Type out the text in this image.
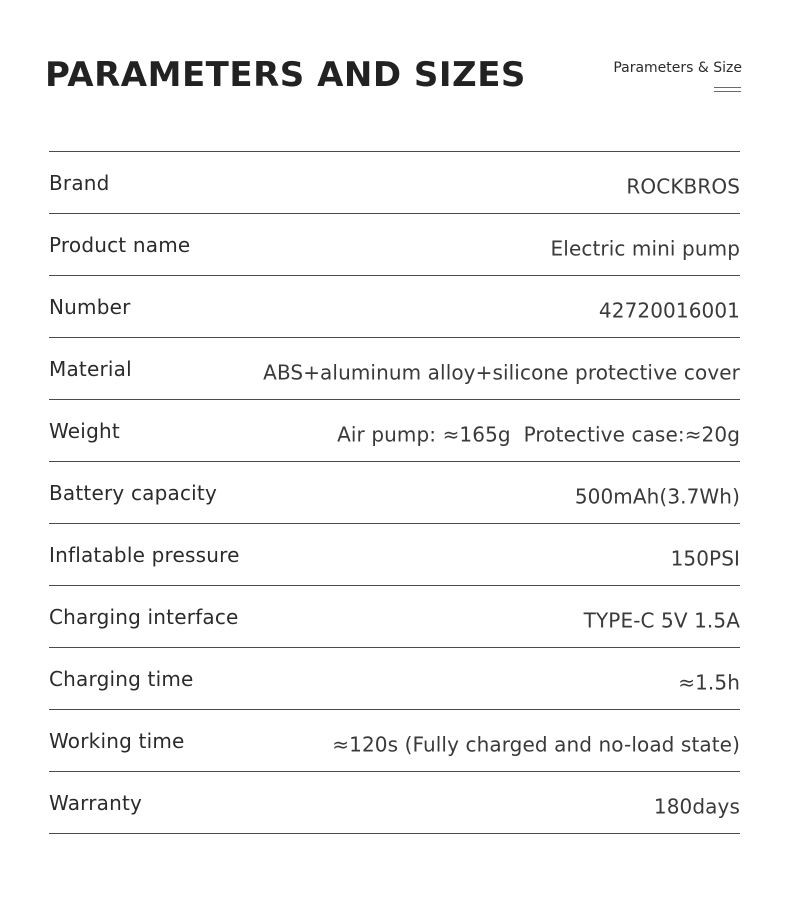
PARAMETERS AND SIZES	Parameters & Size
Brand	ROCKBROS
Product name	Electric mini pump
Number	42720016001
Material	ABS+aluminum alloy+silicone protective cover
Weight	Air pump: ≈165g  Protective case:≈20g
Battery capacity	500mAh(3.7Wh)
Inflatable pressure	150PSI
Charging interface	TYPE-C 5V 1.5A
Charging time	≈1.5h
Working time	≈120s (Fully charged and no-load state)
Warranty	180days
